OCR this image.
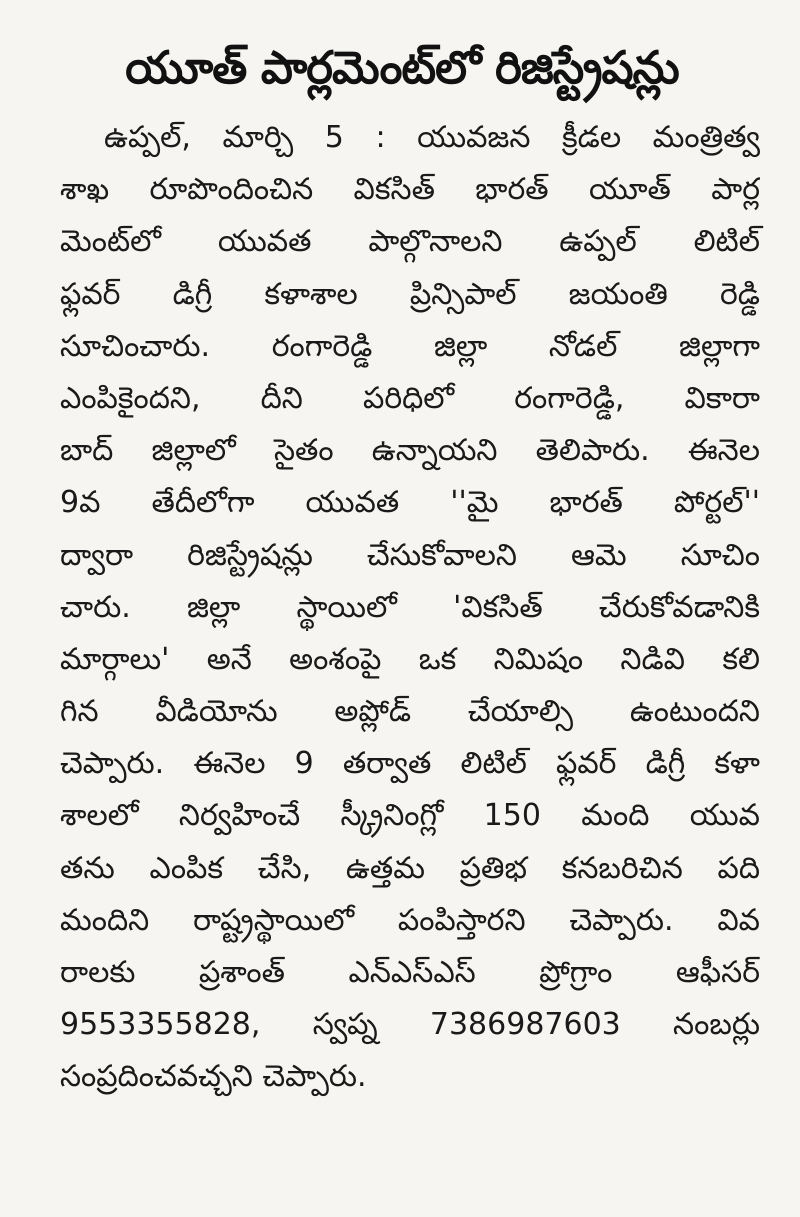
యూత్ పార్లమెంట్‌లో రిజిస్ట్రేషన్లు
ఉప్పల్, మార్చి 5 : యువజన క్రీడల మంత్రిత్వ
శాఖ రూపొందించిన వికసిత్ భారత్ యూత్ పార్ల
మెంట్‌లో యువత పాల్గొనాలని ఉప్పల్ లిటిల్
ఫ్లవర్ డిగ్రీ కళాశాల ప్రిన్సిపాల్ జయంతి రెడ్డి
సూచించారు. రంగారెడ్డి జిల్లా నోడల్ జిల్లాగా
ఎంపికైందని, దీని పరిధిలో రంగారెడ్డి, వికారా
బాద్ జిల్లాలో సైతం ఉన్నాయని తెలిపారు. ఈనెల
9వ తేదీలోగా యువత ''మై భారత్ పోర్టల్''
ద్వారా రిజిస్ట్రేషన్లు చేసుకోవాలని ఆమె సూచిం
చారు. జిల్లా స్థాయిలో 'వికసిత్ చేరుకోవడానికి
మార్గాలు' అనే అంశంపై ఒక నిమిషం నిడివి కలి
గిన వీడియోను అప్లోడ్ చేయాల్సి ఉంటుందని
చెప్పారు. ఈనెల 9 తర్వాత లిటిల్ ఫ్లవర్ డిగ్రీ కళా
శాలలో నిర్వహించే స్క్రీనింగ్లో 150 మంది యువ
తను ఎంపిక చేసి, ఉత్తమ ప్రతిభ కనబరిచిన పది
మందిని రాష్ట్రస్థాయిలో పంపిస్తారని చెప్పారు. వివ
రాలకు ప్రశాంత్ ఎన్ఎస్ఎస్ ప్రోగ్రాం ఆఫీసర్
9553355828, స్వప్న 7386987603 నంబర్లు
సంప్రదించవచ్చని చెప్పారు.
